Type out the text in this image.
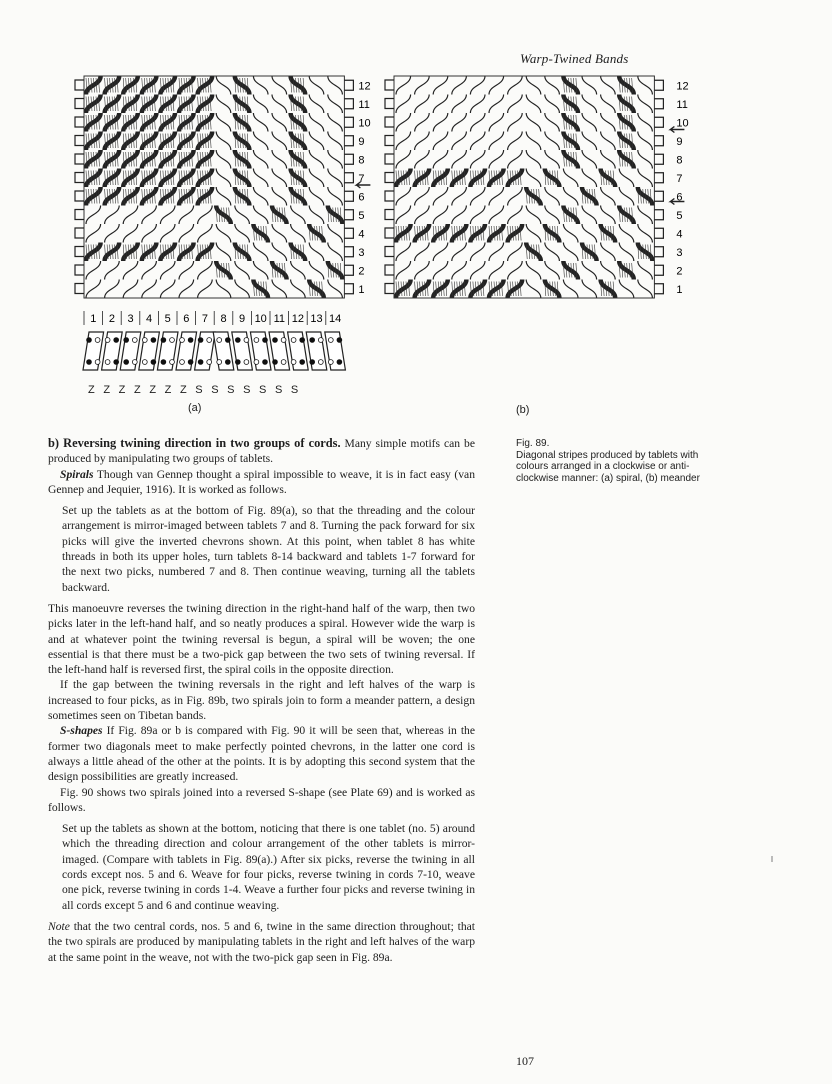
Warp-Twined Bands
12
11
10
9
8
7
6
5
4
3
2
1
1 2 3 4 5 6 7 8 9 10 11 12 13 14
Z Z Z Z Z Z Z S S S S S S S
(a)
12
11
10
9
8
7
6
5
4
3
2
1
(b)
Fig. 89.
Diagonal stripes produced by tablets with colours arranged in a clockwise or anti-clockwise manner: (a) spiral, (b) meander

b) Reversing twining direction in two groups of cords. Many simple motifs can be produced by manipulating two groups of tablets.

Spirals Though van Gennep thought a spiral impossible to weave, it is in fact easy (van Gennep and Jequier, 1916). It is worked as follows.

Set up the tablets as at the bottom of Fig. 89(a), so that the threading and the colour arrangement is mirror-imaged between tablets 7 and 8. Turning the pack forward for six picks will give the inverted chevrons shown. At this point, when tablet 8 has white threads in both its upper holes, turn tablets 8-14 backward and tablets 1-7 forward for the next two picks, numbered 7 and 8. Then continue weaving, turning all the tablets backward.

This manoeuvre reverses the twining direction in the right-hand half of the warp, then two picks later in the left-hand half, and so neatly produces a spiral. However wide the warp is and at whatever point the twining reversal is begun, a spiral will be woven; the one essential is that there must be a two-pick gap between the two sets of twining reversal. If the left-hand half is reversed first, the spiral coils in the opposite direction.

If the gap between the twining reversals in the right and left halves of the warp is increased to four picks, as in Fig. 89b, two spirals join to form a meander pattern, a design sometimes seen on Tibetan bands.

S-shapes If Fig. 89a or b is compared with Fig. 90 it will be seen that, whereas in the former two diagonals meet to make perfectly pointed chevrons, in the latter one cord is always a little ahead of the other at the points. It is by adopting this second system that the design possibilities are greatly increased.

Fig. 90 shows two spirals joined into a reversed S-shape (see Plate 69) and is worked as follows.

Set up the tablets as shown at the bottom, noticing that there is one tablet (no. 5) around which the threading direction and colour arrangement of the other tablets is mirror-imaged. (Compare with tablets in Fig. 89(a).) After six picks, reverse the twining in all cords except nos. 5 and 6. Weave for four picks, reverse twining in cords 7-10, weave one pick, reverse twining in cords 1-4. Weave a further four picks and reverse twining in all cords except 5 and 6 and continue weaving.

Note that the two central cords, nos. 5 and 6, twine in the same direction throughout; that the two spirals are produced by manipulating tablets in the right and left halves of the warp at the same point in the weave, not with the two-pick gap seen in Fig. 89a.

107
